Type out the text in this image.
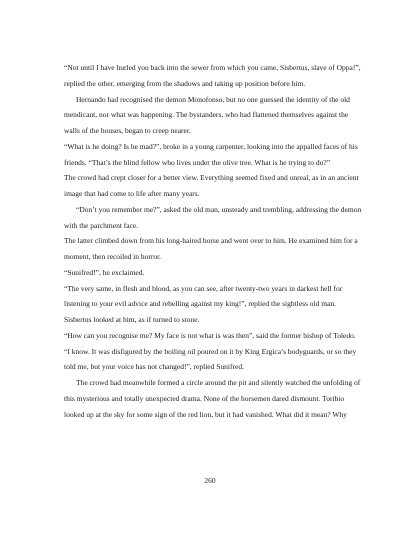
“Not until I have hurled you back into the sewer from which you came, Sisbertus, slave of Oppa!”, replied the other, emerging from the shadows and taking up position before him.

Hernando had recognised the demon Monofonso, but no one guessed the identity of the old mendicant, nor what was happening. The bystanders, who had flattened themselves against the walls of the houses, began to creep nearer.

“What is he doing? Is he mad?”, broke in a young carpenter, looking into the appalled faces of his friends. “That’s the blind fellow who lives under the olive tree. What is he trying to do?”

The crowd had crept closer for a better view. Everything seemed fixed and unreal, as in an ancient image that had come to life after many years.

“Don’t you remember me?”, asked the old man, unsteady and trembling, addressing the demon with the parchment face.

The latter climbed down from his long-haired horse and went over to him. He examined him for a moment, then recoiled in horror.

“Sunifred!”, he exclaimed.

“The very same, in flesh and blood, as you can see, after twenty-two years in darkest hell for listening to your evil advice and rebelling against my king!”, replied the sightless old man.

Sisbertus looked at him, as if turned to stone.

“How can you recognise me? My face is not what is was then”, said the former bishop of Toledo.

“I know. It was disfigured by the boiling oil poured on it by King Ergica’s bodyguards, or so they told me, but your voice has not changed!”, replied Sunifred.

The crowd had meanwhile formed a circle around the pit and silently watched the unfolding of this mysterious and totally unexpected drama. None of the horsemen dared dismount. Toribio looked up at the sky for some sign of the red lion, but it had vanished. What did it mean? Why

260
